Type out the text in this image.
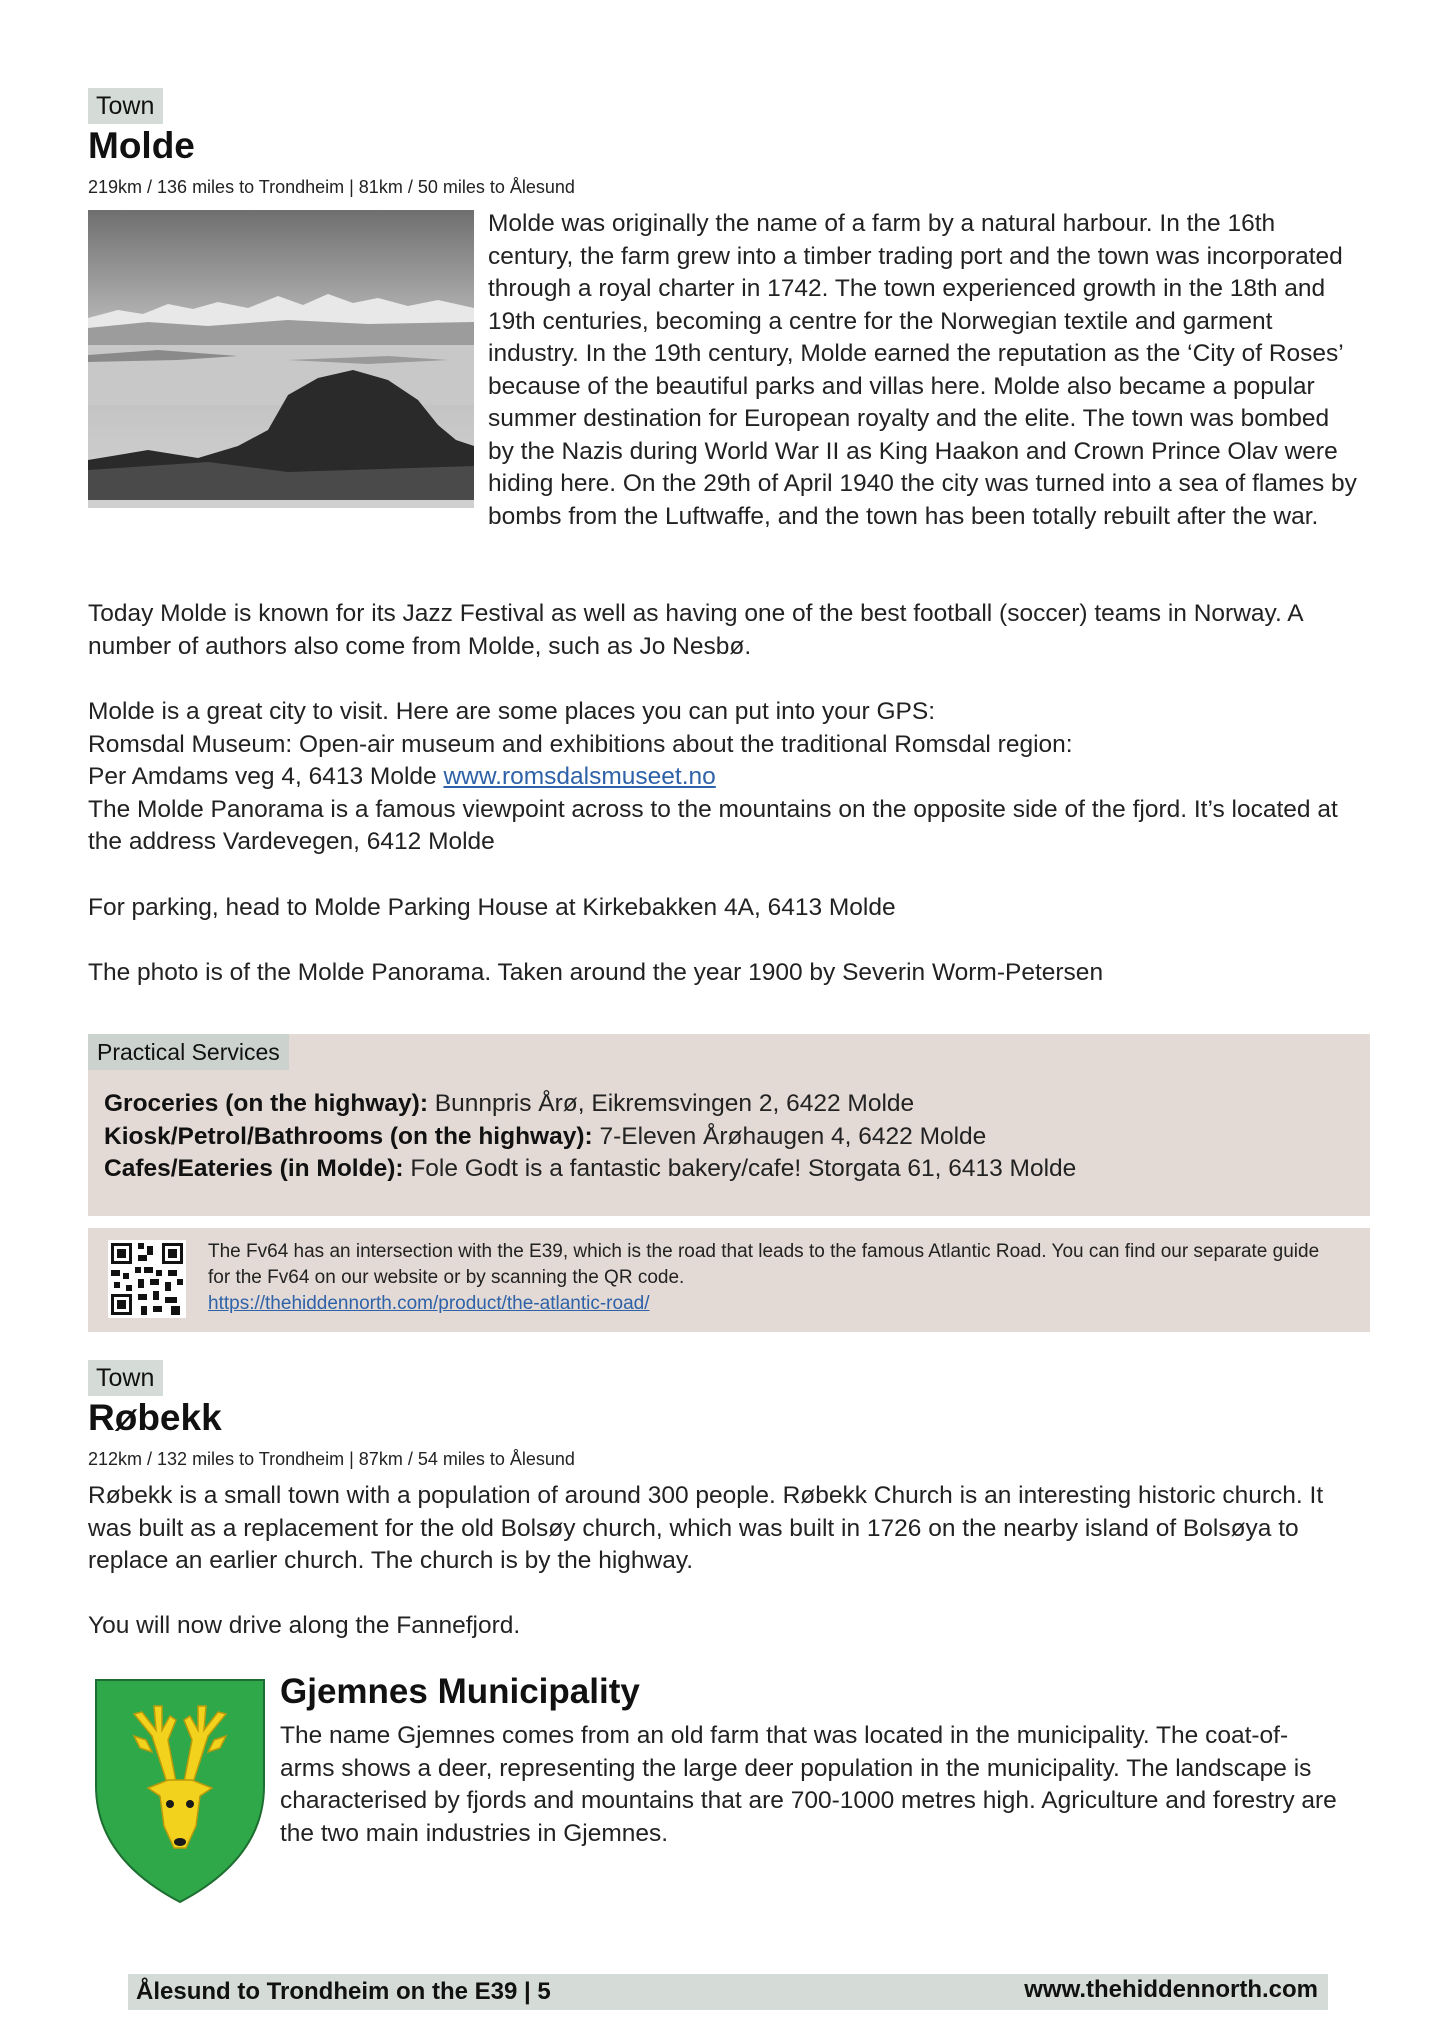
Town
Molde
219km / 136 miles to Trondheim | 81km / 50 miles to Ålesund

Molde was originally the name of a farm by a natural harbour. In the 16th century, the farm grew into a timber trading port and the town was incorporated through a royal charter in 1742. The town experienced growth in the 18th and 19th centuries, becoming a centre for the Norwegian textile and garment industry. In the 19th century, Molde earned the reputation as the ‘City of Roses’ because of the beautiful parks and villas here. Molde also became a popular summer destination for European royalty and the elite. The town was bombed by the Nazis during World War II as King Haakon and Crown Prince Olav were hiding here. On the 29th of April 1940 the city was turned into a sea of flames by bombs from the Luftwaffe, and the town has been totally rebuilt after the war.

Today Molde is known for its Jazz Festival as well as having one of the best football (soccer) teams in Norway. A number of authors also come from Molde, such as Jo Nesbø.

Molde is a great city to visit. Here are some places you can put into your GPS:
Romsdal Museum: Open-air museum and exhibitions about the traditional Romsdal region:
Per Amdams veg 4, 6413 Molde www.romsdalsmuseet.no
The Molde Panorama is a famous viewpoint across to the mountains on the opposite side of the fjord. It’s located at the address Vardevegen, 6412 Molde

For parking, head to Molde Parking House at Kirkebakken 4A, 6413 Molde

The photo is of the Molde Panorama. Taken around the year 1900 by Severin Worm-Petersen

Practical Services
Groceries (on the highway): Bunnpris Årø, Eikremsvingen 2, 6422 Molde
Kiosk/Petrol/Bathrooms (on the highway): 7-Eleven Årøhaugen 4, 6422 Molde
Cafes/Eateries (in Molde): Fole Godt is a fantastic bakery/cafe! Storgata 61, 6413 Molde
The Fv64 has an intersection with the E39, which is the road that leads to the famous Atlantic Road. You can find our separate guide for the Fv64 on our website or by scanning the QR code.
https://thehiddennorth.com/product/the-atlantic-road/
Town
Røbekk
212km / 132 miles to Trondheim | 87km / 54 miles to Ålesund

Røbekk is a small town with a population of around 300 people. Røbekk Church is an interesting historic church. It was built as a replacement for the old Bolsøy church, which was built in 1726 on the nearby island of Bolsøya to replace an earlier church. The church is by the highway.

You will now drive along the Fannefjord.

Gjemnes Municipality

The name Gjemnes comes from an old farm that was located in the municipality. The coat-of-arms shows a deer, representing the large deer population in the municipality. The landscape is characterised by fjords and mountains that are 700-1000 metres high. Agriculture and forestry are the two main industries in Gjemnes.

Ålesund to Trondheim on the E39 | 5	www.thehiddennorth.com
